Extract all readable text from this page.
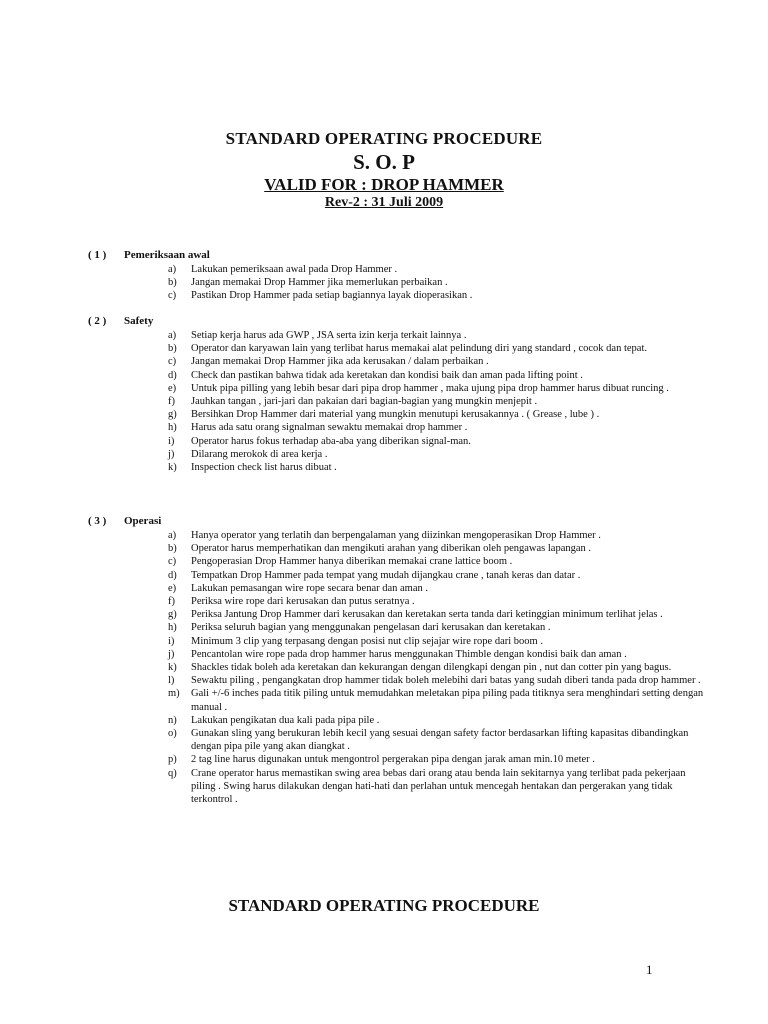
STANDARD OPERATING PROCEDURE
S. O. P
VALID FOR : DROP HAMMER
Rev-2 : 31 Juli 2009
( 1 ) Pemeriksaan awal
a) Lakukan pemeriksaan awal pada Drop Hammer .
b) Jangan memakai Drop Hammer jika memerlukan perbaikan .
c) Pastikan Drop Hammer pada setiap bagiannya layak dioperasikan .
( 2 ) Safety
a) Setiap kerja harus ada GWP , JSA serta izin kerja terkait lainnya .
b) Operator dan karyawan lain yang terlibat harus memakai alat pelindung diri yang standard , cocok dan tepat.
c) Jangan memakai Drop Hammer jika ada kerusakan / dalam perbaikan .
d) Check dan pastikan bahwa tidak ada keretakan dan kondisi baik dan aman pada lifting point .
e) Untuk pipa pilling yang lebih besar dari pipa drop hammer , maka ujung pipa drop hammer harus dibuat runcing .
f) Jauhkan tangan , jari-jari dan pakaian dari bagian-bagian yang mungkin menjepit .
g) Bersihkan Drop Hammer dari material yang mungkin menutupi kerusakannya . ( Grease , lube ) .
h) Harus ada satu orang signalman sewaktu memakai drop hammer .
i) Operator harus fokus terhadap aba-aba yang diberikan signal-man.
j) Dilarang merokok di area kerja .
k) Inspection check list harus dibuat .
( 3 ) Operasi
a) Hanya operator yang terlatih dan berpengalaman yang diizinkan mengoperasikan Drop Hammer .
b) Operator harus memperhatikan dan mengikuti arahan yang diberikan oleh pengawas lapangan .
c) Pengoperasian Drop Hammer hanya diberikan memakai crane lattice boom .
d) Tempatkan Drop Hammer pada tempat yang mudah dijangkau crane , tanah keras dan datar .
e) Lakukan pemasangan wire rope secara benar dan aman .
f) Periksa wire rope dari kerusakan dan putus seratnya .
g) Periksa Jantung Drop Hammer dari kerusakan dan keretakan serta tanda dari ketinggian minimum terlihat jelas .
h) Periksa seluruh bagian yang menggunakan pengelasan dari kerusakan dan keretakan .
i) Minimum 3 clip yang terpasang dengan posisi nut clip sejajar wire rope dari boom .
j) Pencantolan wire rope pada drop hammer harus menggunakan Thimble dengan kondisi baik dan aman .
k) Shackles tidak boleh ada keretakan dan kekurangan dengan dilengkapi dengan pin , nut dan cotter pin yang bagus.
l) Sewaktu piling , pengangkatan drop hammer tidak boleh melebihi dari batas yang sudah diberi tanda pada drop hammer .
m) Gali +/-6 inches pada titik piling untuk memudahkan meletakan pipa piling pada titiknya sera menghindari setting dengan manual .
n) Lakukan pengikatan dua kali pada pipa pile .
o) Gunakan sling yang berukuran lebih kecil yang sesuai dengan safety factor berdasarkan lifting kapasitas dibandingkan dengan pipa pile yang akan diangkat .
p) 2 tag line harus digunakan untuk mengontrol pergerakan pipa dengan jarak aman min.10 meter .
q) Crane operator harus memastikan swing area bebas dari orang atau benda lain sekitarnya yang terlibat pada pekerjaan piling . Swing harus dilakukan dengan hati-hati dan perlahan untuk mencegah hentakan dan pergerakan yang tidak terkontrol .
STANDARD OPERATING PROCEDURE
1
